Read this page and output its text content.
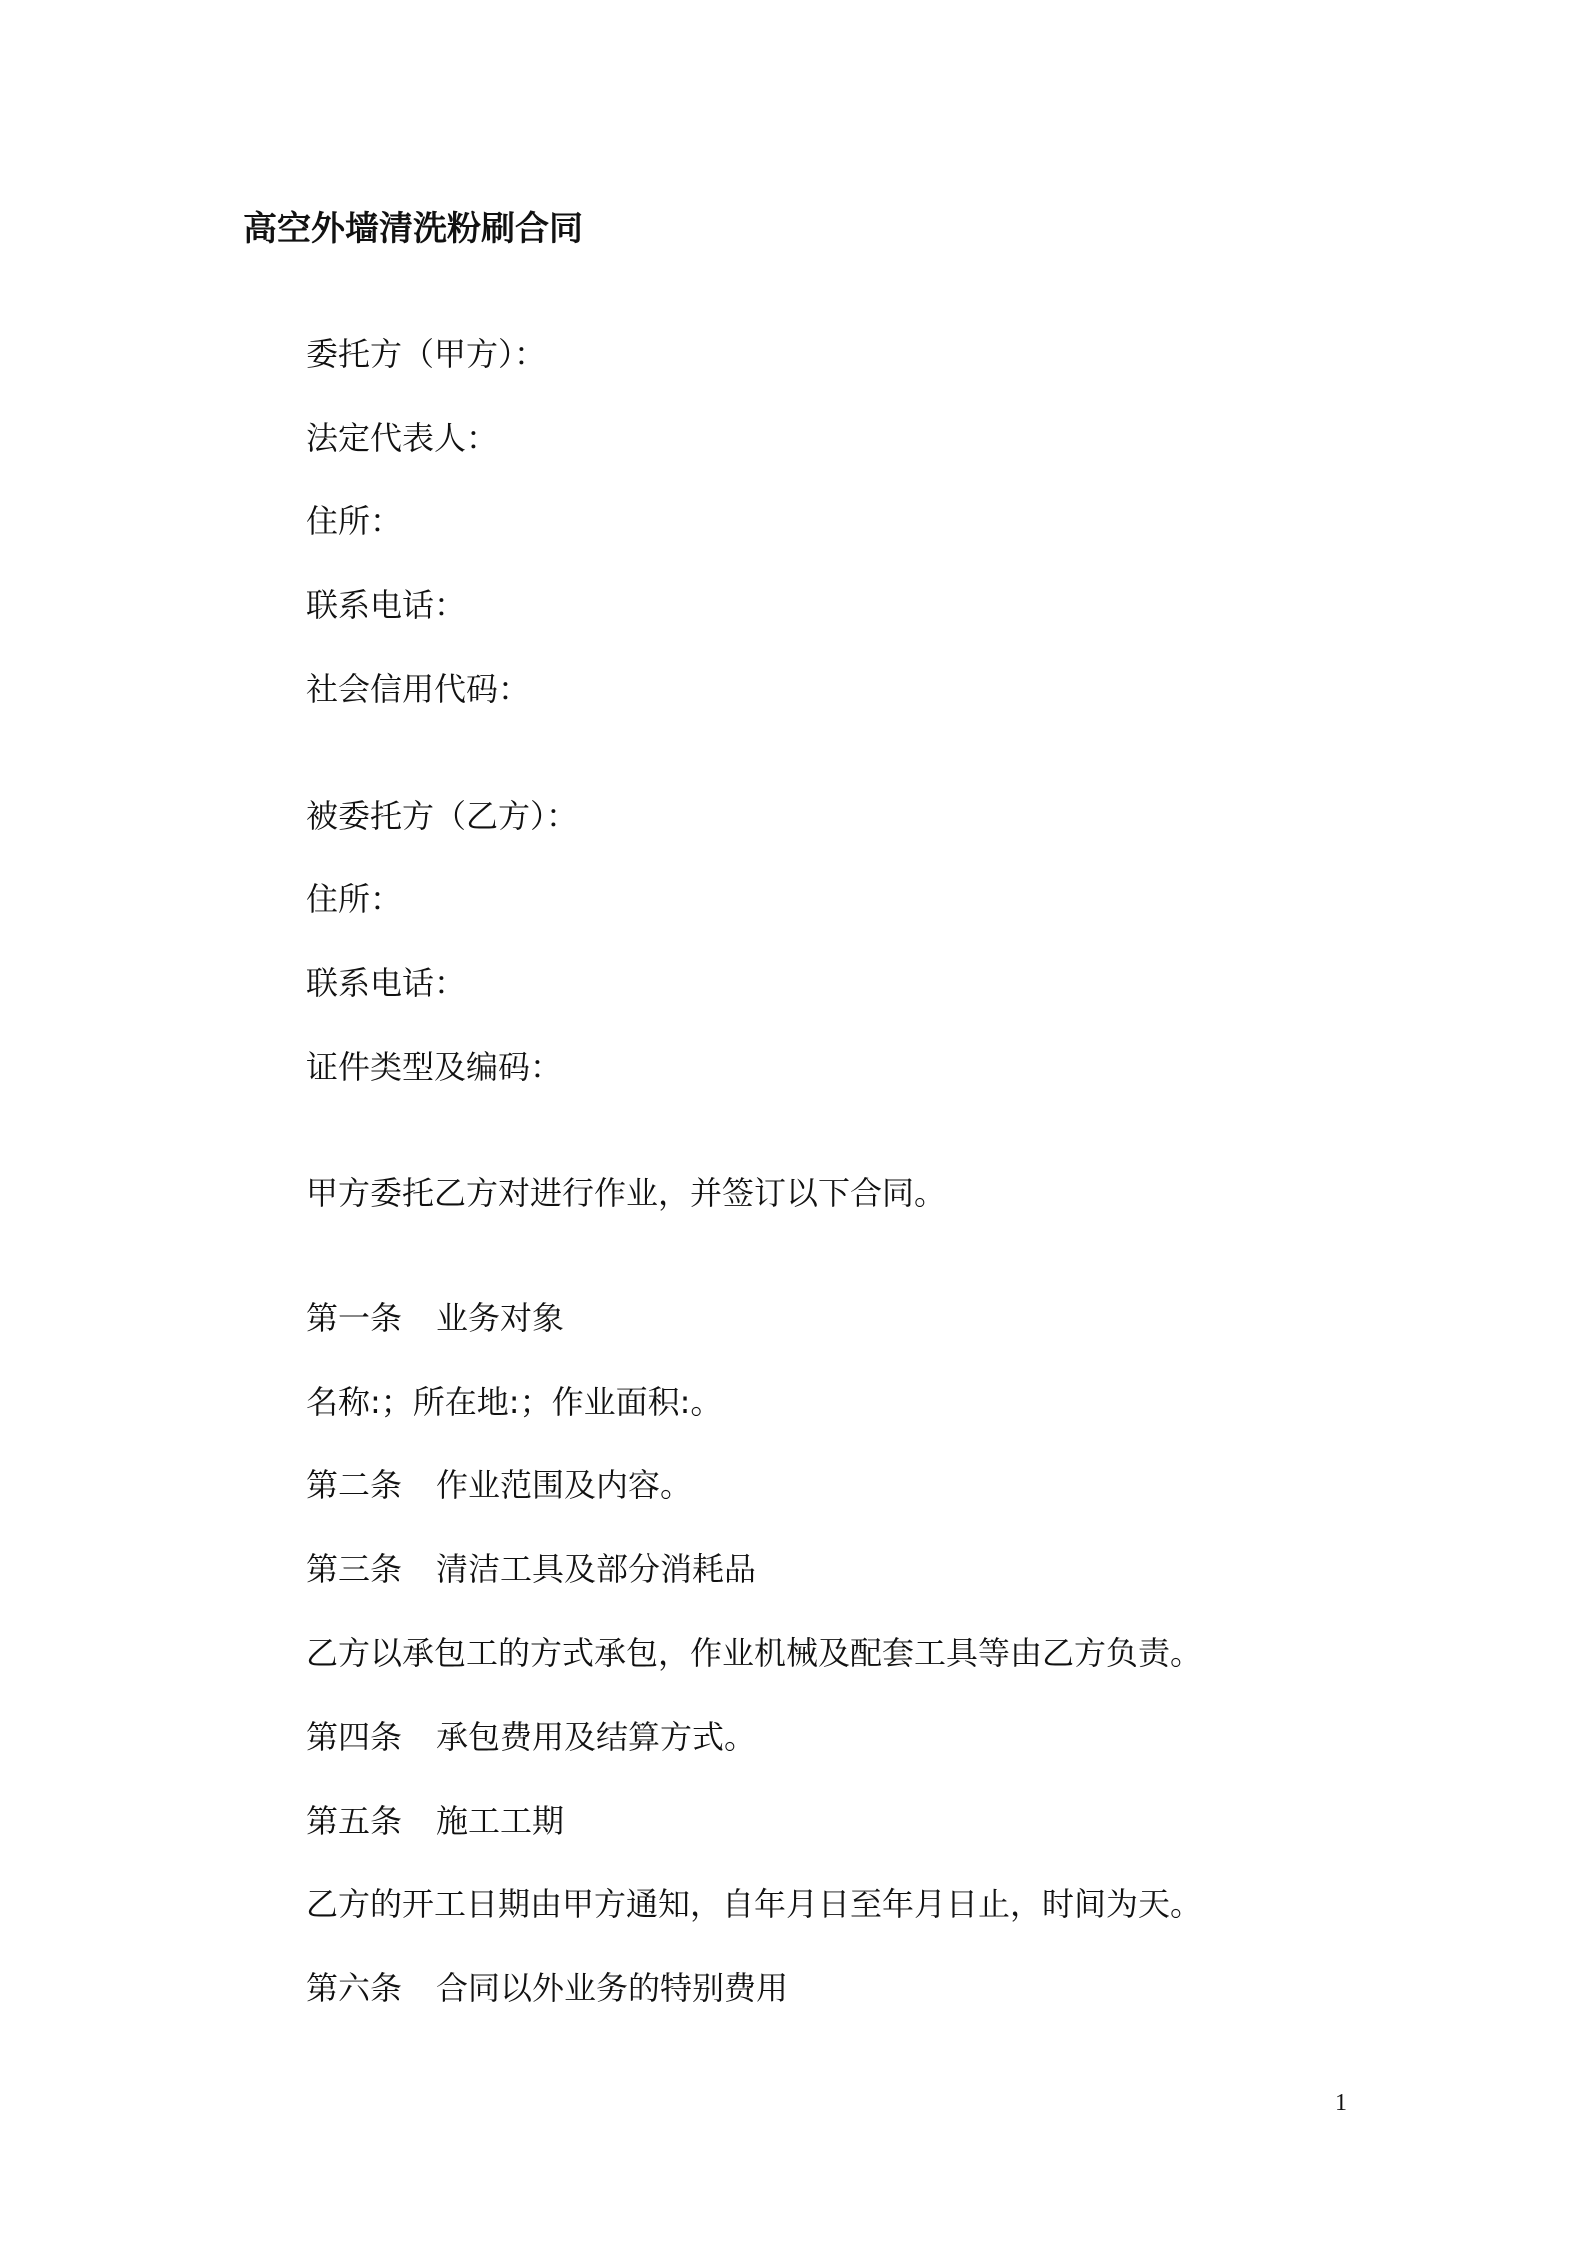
高空外墙清洗粉刷合同
委托方（甲方）：
法定代表人：
住所：
联系电话：
社会信用代码：
被委托方（乙方）：
住所：
联系电话：
证件类型及编码：
甲方委托乙方对进行作业，并签订以下合同。
第一条 业务对象
名称:；所在地:；作业面积:。
第二条 作业范围及内容。
第三条 清洁工具及部分消耗品
乙方以承包工的方式承包，作业机械及配套工具等由乙方负责。
第四条 承包费用及结算方式。
第五条 施工工期
乙方的开工日期由甲方通知，自年月日至年月日止，时间为天。
第六条 合同以外业务的特别费用
1
